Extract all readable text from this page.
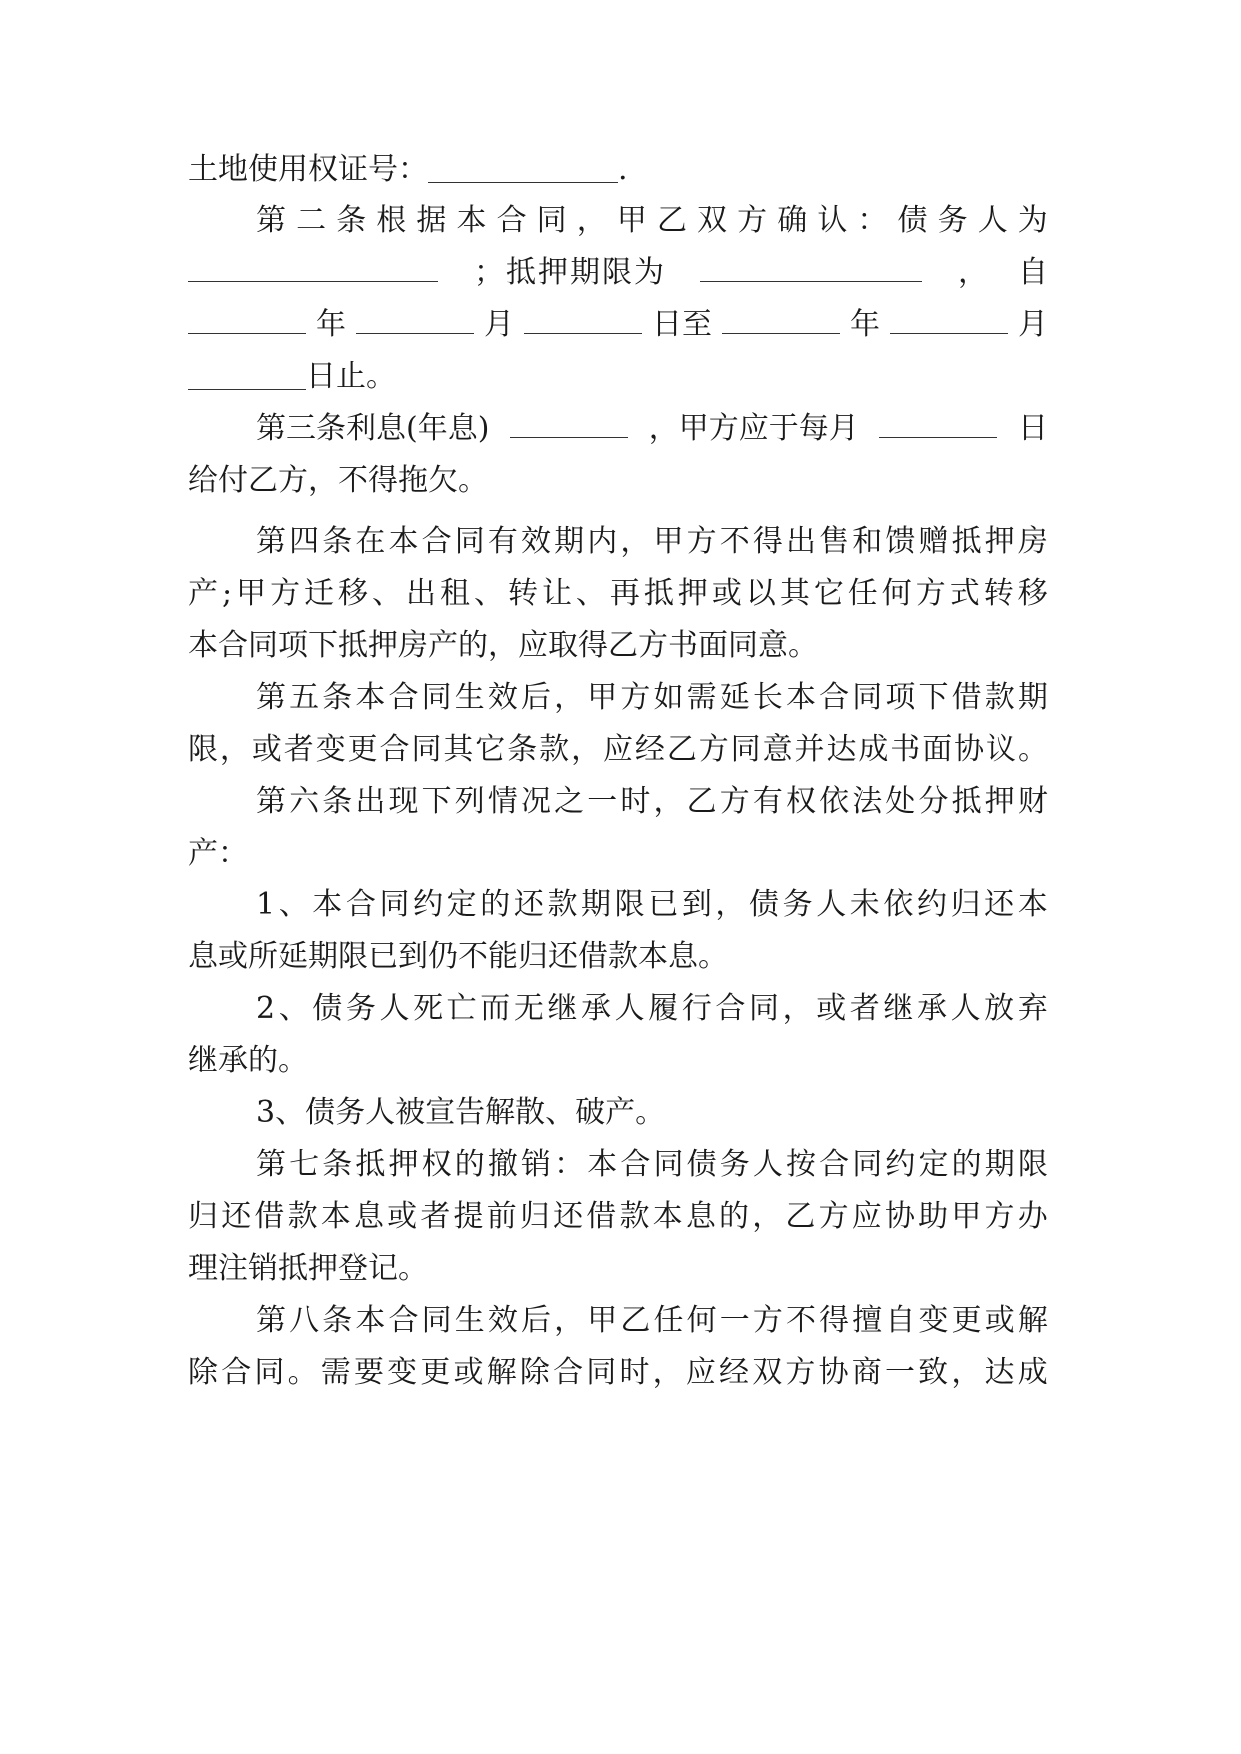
土地使用权证号：	.
第 二 条 根 据 本 合 同 ， 甲 乙 双 方 确 认 ： 债 务 人 为
； 抵 押 期 限 为	， 自
年	月	日至	年	月
日止。
第三条利息(年息)	，甲方应于每月	日
给付乙方，不得拖欠。
第 四 条 在 本 合 同 有 效 期 内 ， 甲 方 不 得 出 售 和 馈 赠 抵 押 房
产 ; 甲 方 迁 移 、 出 租 、 转 让 、 再 抵 押 或 以 其 它 任 何 方 式 转 移
本合同项下抵押房产的，应取得乙方书面同意。
第 五 条 本 合 同 生 效 后 ， 甲 方 如 需 延 长 本 合 同 项 下 借 款 期
限 ， 或 者 变 更 合 同 其 它 条 款 ， 应 经 乙 方 同 意 并 达 成 书 面 协 议 。
第 六 条 出 现 下 列 情 况 之 一 时 ， 乙 方 有 权 依 法 处 分 抵 押 财
产：
1 、 本 合 同 约 定 的 还 款 期 限 已 到 ， 债 务 人 未 依 约 归 还 本
息或所延期限已到仍不能归还借款本息。
2 、 债 务 人 死 亡 而 无 继 承 人 履 行 合 同 ， 或 者 继 承 人 放 弃
继承的。
3、债务人被宣告解散、破产。
第 七 条 抵 押 权 的 撤 销 ： 本 合 同 债 务 人 按 合 同 约 定 的 期 限
归 还 借 款 本 息 或 者 提 前 归 还 借 款 本 息 的 ， 乙 方 应 协 助 甲 方 办
理注销抵押登记。
第 八 条 本 合 同 生 效 后 ， 甲 乙 任 何 一 方 不 得 擅 自 变 更 或 解
除 合 同 。 需 要 变 更 或 解 除 合 同 时 ， 应 经 双 方 协 商 一 致 ， 达 成
